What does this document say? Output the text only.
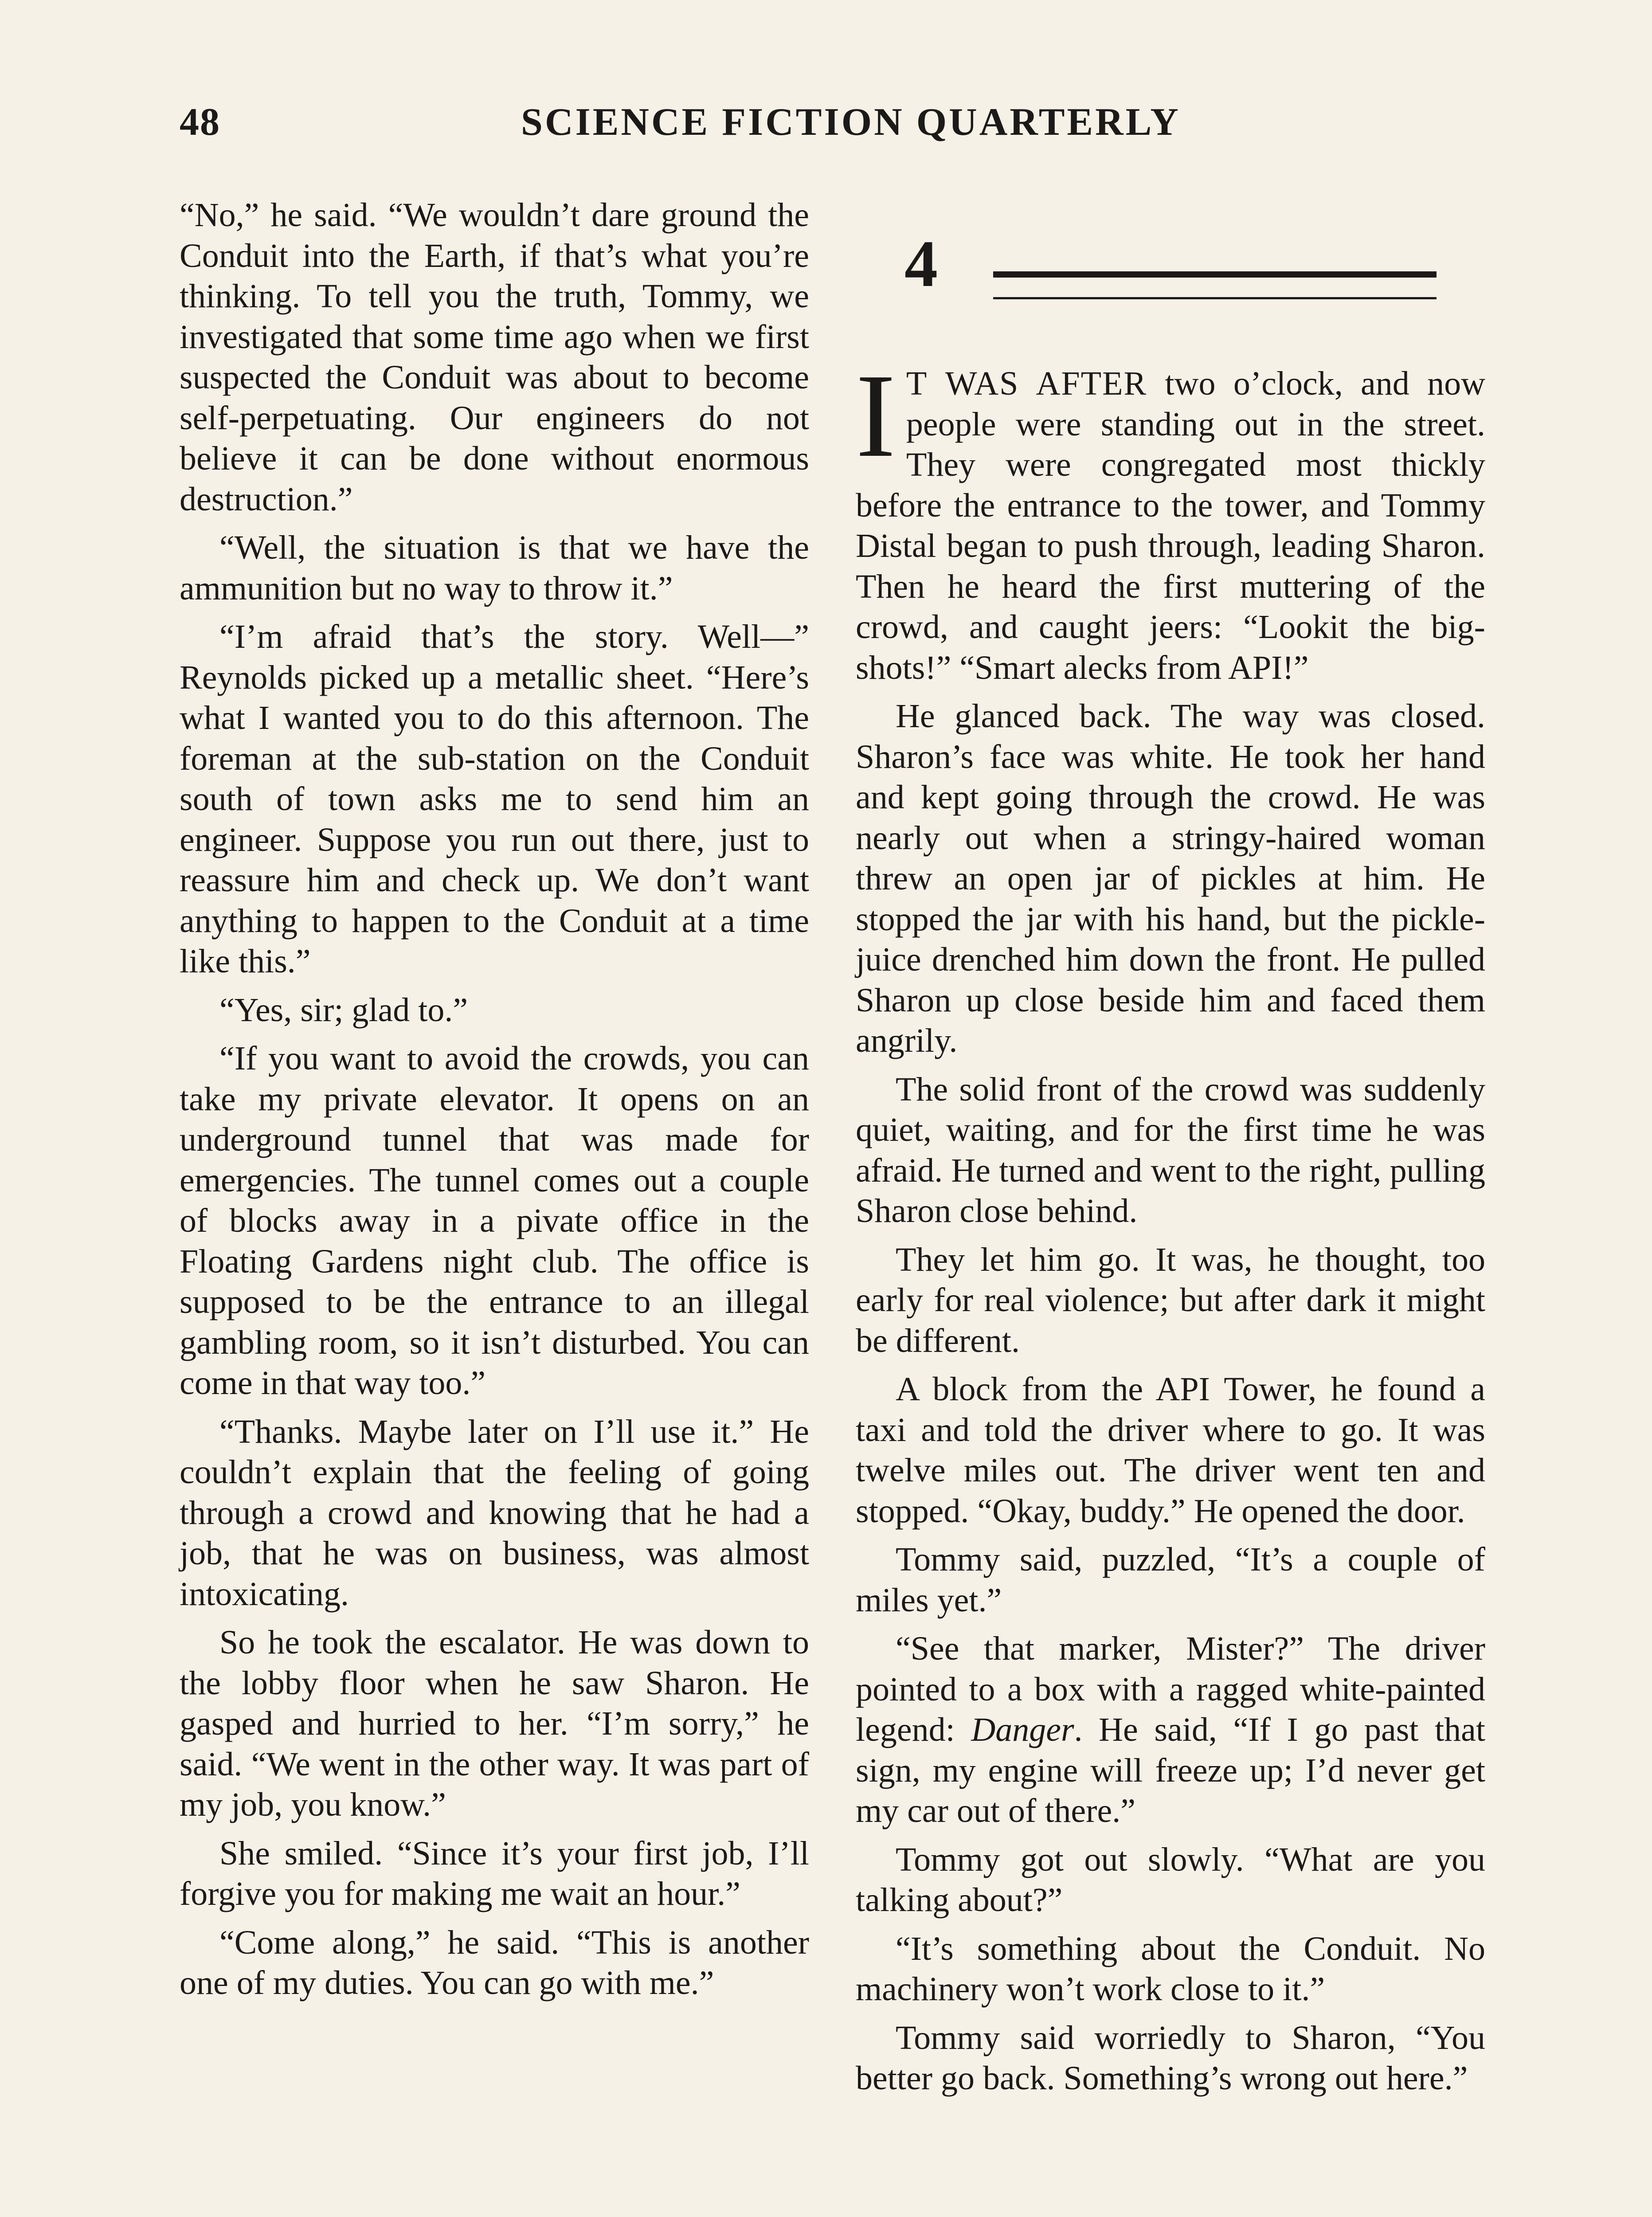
48	SCIENCE FICTION QUARTERLY

“No,” he said. “We wouldn’t dare ground the Conduit into the Earth, if that’s what you’re thinking. To tell you the truth, Tommy, we investigated that some time ago when we first suspected the Conduit was about to become self-perpetuating. Our engineers do not believe it can be done without enormous destruction.”

“Well, the situation is that we have the ammunition but no way to throw it.”

“I’m afraid that’s the story. Well—” Reynolds picked up a metallic sheet. “Here’s what I wanted you to do this afternoon. The foreman at the sub-station on the Conduit south of town asks me to send him an engineer. Suppose you run out there, just to reassure him and check up. We don’t want anything to happen to the Conduit at a time like this.”

“Yes, sir; glad to.”

“If you want to avoid the crowds, you can take my private elevator. It opens on an underground tunnel that was made for emergencies. The tunnel comes out a couple of blocks away in a pivate office in the Floating Gardens night club. The office is supposed to be the entrance to an illegal gambling room, so it isn’t disturbed. You can come in that way too.”

“Thanks. Maybe later on I’ll use it.” He couldn’t explain that the feeling of going through a crowd and knowing that he had a job, that he was on business, was almost intoxicating.

So he took the escalator. He was down to the lobby floor when he saw Sharon. He gasped and hurried to her. “I’m sorry,” he said. “We went in the other way. It was part of my job, you know.”

She smiled. “Since it’s your first job, I’ll forgive you for making me wait an hour.”

“Come along,” he said. “This is another one of my duties. You can go with me.”

4

IT WAS AFTER two o’clock, and now people were standing out in the street. They were congregated most thickly before the entrance to the tower, and Tommy Distal began to push through, leading Sharon. Then he heard the first muttering of the crowd, and caught jeers: “Lookit the big-shots!” “Smart alecks from API!”

He glanced back. The way was closed. Sharon’s face was white. He took her hand and kept going through the crowd. He was nearly out when a stringy-haired woman threw an open jar of pickles at him. He stopped the jar with his hand, but the pickle-juice drenched him down the front. He pulled Sharon up close beside him and faced them angrily.

The solid front of the crowd was suddenly quiet, waiting, and for the first time he was afraid. He turned and went to the right, pulling Sharon close behind.

They let him go. It was, he thought, too early for real violence; but after dark it might be different.

A block from the API Tower, he found a taxi and told the driver where to go. It was twelve miles out. The driver went ten and stopped. “Okay, buddy.” He opened the door.

Tommy said, puzzled, “It’s a couple of miles yet.”

“See that marker, Mister?” The driver pointed to a box with a ragged white-painted legend: Danger. He said, “If I go past that sign, my engine will freeze up; I’d never get my car out of there.”

Tommy got out slowly. “What are you talking about?”

“It’s something about the Conduit. No machinery won’t work close to it.”

Tommy said worriedly to Sharon, “You better go back. Something’s wrong out here.”
